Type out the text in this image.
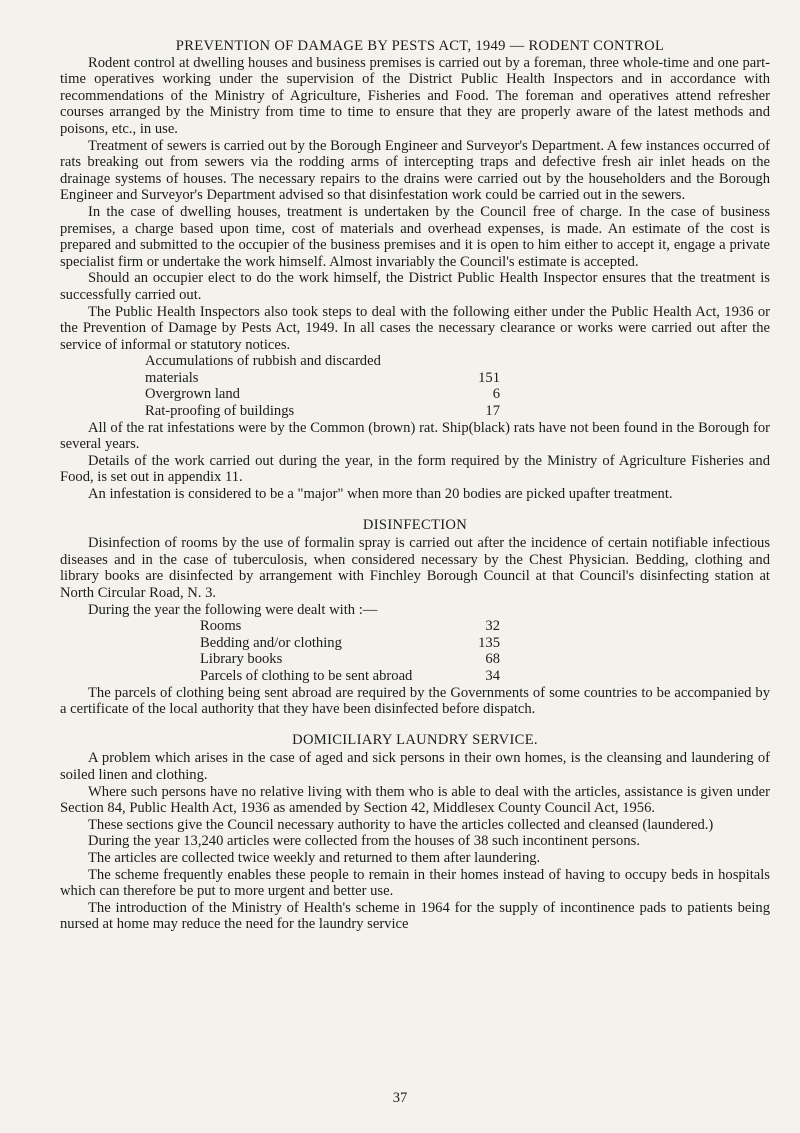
PREVENTION OF DAMAGE BY PESTS ACT, 1949 — RODENT CONTROL

Rodent control at dwelling houses and business premises is carried out by a foreman, three whole-time and one part-time operatives working under the supervision of the District Public Health Inspectors and in accordance with recommendations of the Ministry of Agriculture, Fisheries and Food. The foreman and operatives attend refresher courses arranged by the Ministry from time to time to ensure that they are properly aware of the latest methods and poisons, etc., in use.

Treatment of sewers is carried out by the Borough Engineer and Surveyor's Department. A few instances occurred of rats breaking out from sewers via the rodding arms of intercepting traps and defective fresh air inlet heads on the drainage systems of houses. The necessary repairs to the drains were carried out by the householders and the Borough Engineer and Surveyor's Department advised so that disinfestation work could be carried out in the sewers.

In the case of dwelling houses, treatment is undertaken by the Council free of charge. In the case of business premises, a charge based upon time, cost of materials and overhead expenses, is made. An estimate of the cost is prepared and submitted to the occupier of the business premises and it is open to him either to accept it, engage a private specialist firm or undertake the work himself. Almost invariably the Council's estimate is accepted.

Should an occupier elect to do the work himself, the District Public Health Inspector ensures that the treatment is successfully carried out.

The Public Health Inspectors also took steps to deal with the following either under the Public Health Act, 1936 or the Prevention of Damage by Pests Act, 1949. In all cases the necessary clearance or works were carried out after the service of informal or statutory notices.

Accumulations of rubbish and discarded	
materials	151
Overgrown land	6
Rat-proofing of buildings	17

All of the rat infestations were by the Common (brown) rat. Ship(black) rats have not been found in the Borough for several years.

Details of the work carried out during the year, in the form required by the Ministry of Agriculture Fisheries and Food, is set out in appendix 11.

An infestation is considered to be a "major" when more than 20 bodies are picked upafter treatment.

DISINFECTION

Disinfection of rooms by the use of formalin spray is carried out after the incidence of certain notifiable infectious diseases and in the case of tuberculosis, when considered necessary by the Chest Physician. Bedding, clothing and library books are disinfected by arrangement with Finchley Borough Council at that Council's disinfecting station at North Circular Road, N. 3.

During the year the following were dealt with :—

Rooms	32
Bedding and/or clothing	135
Library books	68
Parcels of clothing to be sent abroad	34

The parcels of clothing being sent abroad are required by the Governments of some countries to be accompanied by a certificate of the local authority that they have been disinfected before dispatch.

DOMICILIARY LAUNDRY SERVICE.

A problem which arises in the case of aged and sick persons in their own homes, is the cleansing and laundering of soiled linen and clothing.

Where such persons have no relative living with them who is able to deal with the articles, assistance is given under Section 84, Public Health Act, 1936 as amended by Section 42, Middlesex County Council Act, 1956.

These sections give the Council necessary authority to have the articles collected and cleansed (laundered.)

During the year 13,240 articles were collected from the houses of 38 such incontinent persons.

The articles are collected twice weekly and returned to them after laundering.

The scheme frequently enables these people to remain in their homes instead of having to occupy beds in hospitals which can therefore be put to more urgent and better use.

The introduction of the Ministry of Health's scheme in 1964 for the supply of incontinence pads to patients being nursed at home may reduce the need for the laundry service

37
